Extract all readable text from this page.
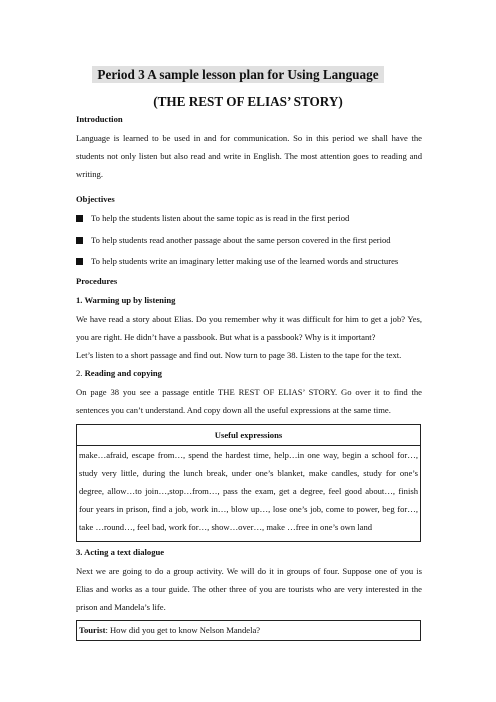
Period 3 A sample lesson plan for Using Language
(THE REST OF ELIAS’ STORY)
Introduction
Language is learned to be used in and for communication. So in this period we shall have the students not only listen but also read and write in English. The most attention goes to reading and writing.
Objectives
To help the students listen about the same topic as is read in the first period
To help students read another passage about the same person covered in the first period
To help students write an imaginary letter making use of the learned words and structures
Procedures
1. Warming up by listening
We have read a story about Elias. Do you remember why it was difficult for him to get a job? Yes, you are right. He didn’t have a passbook. But what is a passbook? Why is it important?
Let’s listen to a short passage and find out. Now turn to page 38. Listen to the tape for the text.
2. Reading and copying
On page 38 you see a passage entitle THE REST OF ELIAS’ STORY. Go over it to find the sentences you can’t understand. And copy down all the useful expressions at the same time.
Useful expressions
make…afraid, escape from…, spend the hardest time, help…in one way, begin a school for…, study very little, during the lunch break, under one’s blanket, make candles, study for one’s degree, allow…to join…,stop…from…, pass the exam, get a degree, feel good about…, finish four years in prison, find a job, work in…, blow up…, lose one’s job, come to power, beg for…, take …round…, feel bad, work for…, show…over…, make …free in one’s own land
3. Acting a text dialogue
Next we are going to do a group activity. We will do it in groups of four. Suppose one of you is Elias and works as a tour guide. The other three of you are tourists who are very interested in the prison and Mandela’s life.
Tourist: How did you get to know Nelson Mandela?
